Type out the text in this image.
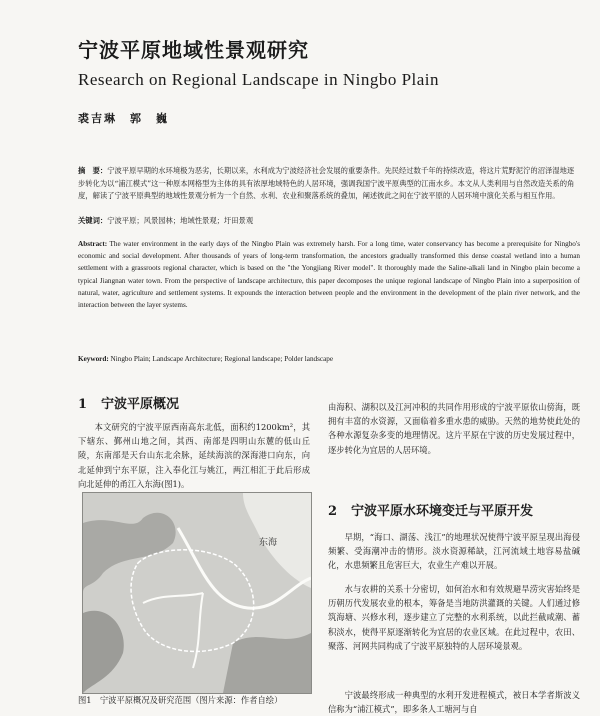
宁波平原地域性景观研究
Research on Regional Landscape in Ningbo Plain
裘吉琳　郭　巍
摘　要：宁波平原早期的水环境极为恶劣，长期以来，水利成为宁波经济社会发展的重要条件。先民经过数千年的持续改造，将这片荒野泥泞的沼泽湿地逐步转化为以“浦江模式”这一种原本网格型为主体的具有浓厚地域特色的人居环境，强调我国宁波平原典型的江南水乡。本文从人类利用与自然改造关系的角度，解读了宁波平原典型的地域性景观分析为一个自然、水利、农业和聚落系统的叠加，阐述彼此之间在宁波平原的人居环境中演化关系与相互作用。
关键词：宁波平原；风景园林；地域性景观；圩田景观
Abstract: The water environment in the early days of the Ningbo Plain was extremely harsh. For a long time, water conservancy has become a prerequisite for Ningbo's economic and social development. After thousands of years of long-term transformation, the ancestors gradually transformed this dense coastal wetland into a human settlement with a grassroots regional character, which is based on the "the Yongjiang River model". It thoroughly made the Saline-alkali land in Ningbo plain become a typical Jiangnan water town. From the perspective of landscape architecture, this paper decomposes the unique regional landscape of Ningbo Plain into a superposition of natural, water, agriculture and settlement systems. It expounds the interaction between people and the environment in the development of the plain river network, and the interaction between the layer systems.
Keyword: Ningbo Plain; Landscape Architecture; Regional landscape; Polder landscape
1 宁波平原概况
本文研究的宁波平原西南高东北低，面积约1200km²，其下辖东、鄞州山地之间，其西、南部是四明山东麓的低山丘陵，东南部是天台山东北余脉，延续海滨的深海港口向东，向北延伸到宁东平原，注入奉化江与姚江，两江相汇于此后形成向北延伸的甬江入东海(图1)。
东海
图1　宁波平原概况及研究范围（图片来源：作者自绘）
由海积、湖积以及江河冲积的共同作用形成的宁波平原依山傍海，既拥有丰富的水资源，又面临着多重水患的威胁。天然的地势使此处的各种水源复杂多变的地理情况。这片平原在宁波的历史发展过程中，逐步转化为宜居的人居环境。
2 宁波平原水环境变迁与平原开发
早期，“海口、湖荡、浅江”的地理状况使得宁波平原呈现出海侵频繁、受海潮冲击的情形。淡水资源稀缺，江河流域土地容易盐碱化，水患频繁且危害巨大，农业生产难以开展。
水与农耕的关系十分密切，如何治水和有效规避旱涝灾害始终是历朝历代发展农业的根本，筹备是当地防洪灌溉的关键。人们通过修筑海塘、兴修水利，逐步建立了完整的水利系统，以此拦截咸潮、蓄积淡水，使得平原逐渐转化为宜居的农业区域。在此过程中，农田、聚落、河网共同构成了宁波平原独特的人居环境景观。
宁波最终形成一种典型的水利开发进程模式，被日本学者斯波义信称为“浦江模式”，即多条人工塘河与自
